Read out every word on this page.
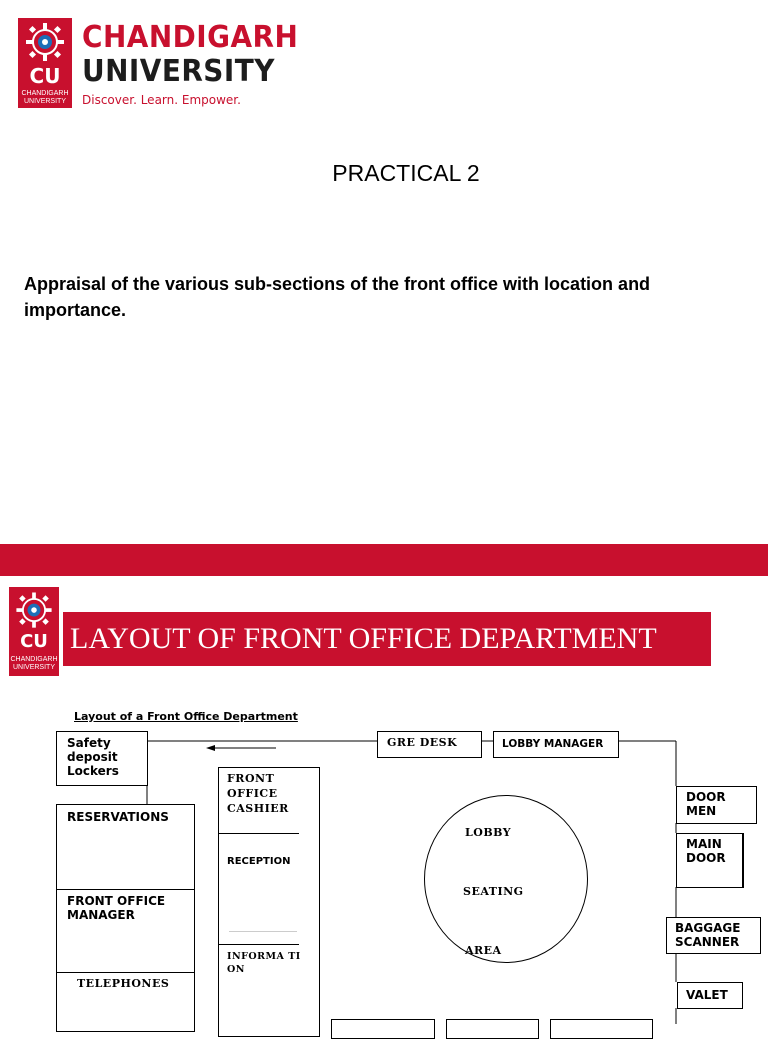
CU
CHANDIGARH
UNIVERSITY
CHANDIGARH
UNIVERSITY
Discover. Learn. Empower.
PRACTICAL 2
Appraisal of the various sub-sections of the front office with location and
importance.
CU
CHANDIGARH
UNIVERSITY
LAYOUT OF FRONT OFFICE DEPARTMENT
Layout of a Front Office Department
Safety
deposit
Lockers
RESERVATIONS
FRONT OFFICE
MANAGER
TELEPHONES
FRONT
OFFICE
CASHIER
RECEPTION
INFORMA TI
ON
GRE DESK	LOBBY MANAGER
LOBBY
SEATING
AREA
DOOR
MEN
MAIN
DOOR
BAGGAGE
SCANNER
VALET
